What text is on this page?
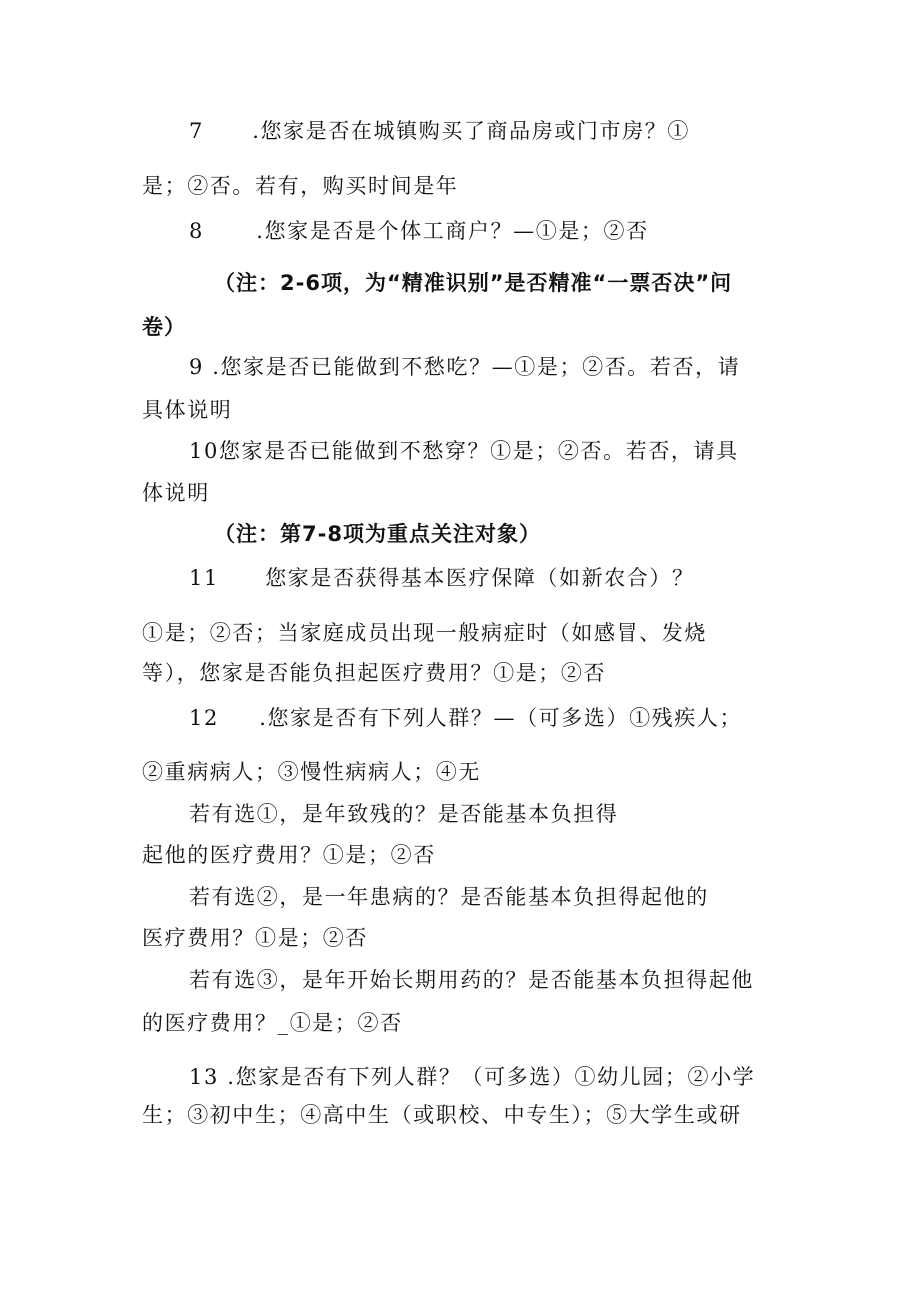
7 .您家是否在城镇购买了商品房或门市房？①
是；②否。若有，购买时间是年
8 .您家是否是个体工商户？—①是；②否
（注：2-6项，为“精准识别”是否精准“一票否决”问
卷）
9 .您家是否已能做到不愁吃？—①是；②否。若否，请
具体说明
10您家是否已能做到不愁穿？①是；②否。若否，请具
体说明
（注：第7-8项为重点关注对象）
11 您家是否获得基本医疗保障（如新农合）？
①是；②否；当家庭成员出现一般病症时（如感冒、发烧
等），您家是否能负担起医疗费用？①是；②否
12 .您家是否有下列人群？—（可多选）①残疾人；
②重病病人；③慢性病病人；④无
若有选①，是年致残的？是否能基本负担得
起他的医疗费用？①是；②否
若有选②，是一年患病的？是否能基本负担得起他的
医疗费用？①是；②否
若有选③，是年开始长期用药的？是否能基本负担得起他
的医疗费用？_①是；②否
13 .您家是否有下列人群？（可多选）①幼儿园；②小学
生；③初中生；④高中生（或职校、中专生）；⑤大学生或研
